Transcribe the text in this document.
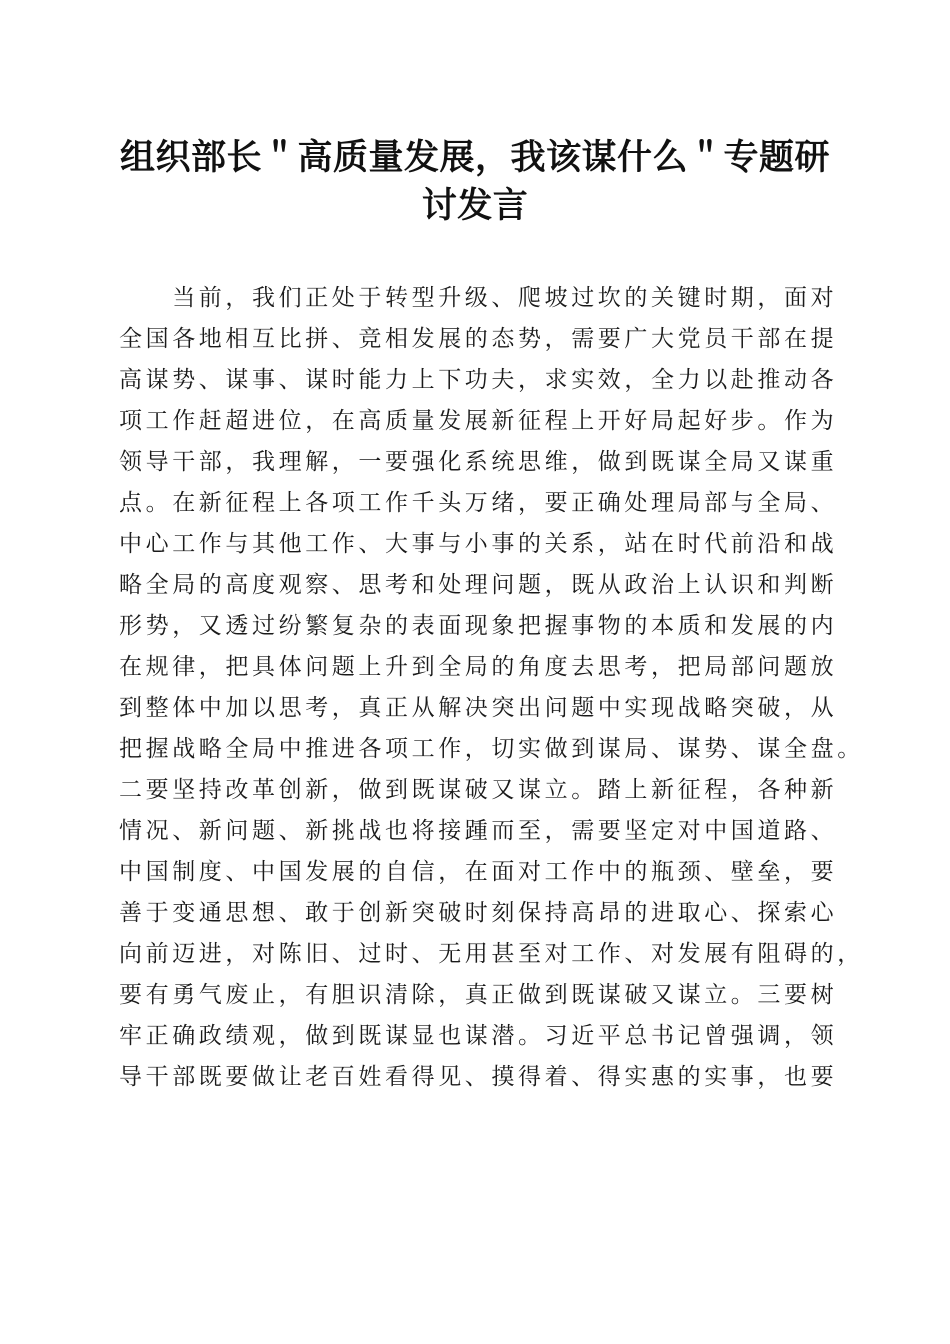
组织部长＂高质量发展，我该谋什么＂专题研
讨发言
　　当前，我们正处于转型升级、爬坡过坎的关键时期，面对
全国各地相互比拼、竞相发展的态势，需要广大党员干部在提
高谋势、谋事、谋时能力上下功夫，求实效，全力以赴推动各
项工作赶超进位，在高质量发展新征程上开好局起好步。作为
领导干部，我理解，一要强化系统思维，做到既谋全局又谋重
点。在新征程上各项工作千头万绪，要正确处理局部与全局、
中心工作与其他工作、大事与小事的关系，站在时代前沿和战
略全局的高度观察、思考和处理问题，既从政治上认识和判断
形势，又透过纷繁复杂的表面现象把握事物的本质和发展的内
在规律，把具体问题上升到全局的角度去思考，把局部问题放
到整体中加以思考，真正从解决突出问题中实现战略突破，从
把握战略全局中推进各项工作，切实做到谋局、谋势、谋全盘。
二要坚持改革创新，做到既谋破又谋立。踏上新征程，各种新
情况、新问题、新挑战也将接踵而至，需要坚定对中国道路、
中国制度、中国发展的自信，在面对工作中的瓶颈、壁垒，要
善于变通思想、敢于创新突破时刻保持高昂的进取心、探索心
向前迈进，对陈旧、过时、无用甚至对工作、对发展有阻碍的，
要有勇气废止，有胆识清除，真正做到既谋破又谋立。三要树
牢正确政绩观，做到既谋显也谋潜。习近平总书记曾强调，领
导干部既要做让老百姓看得见、摸得着、得实惠的实事，也要
